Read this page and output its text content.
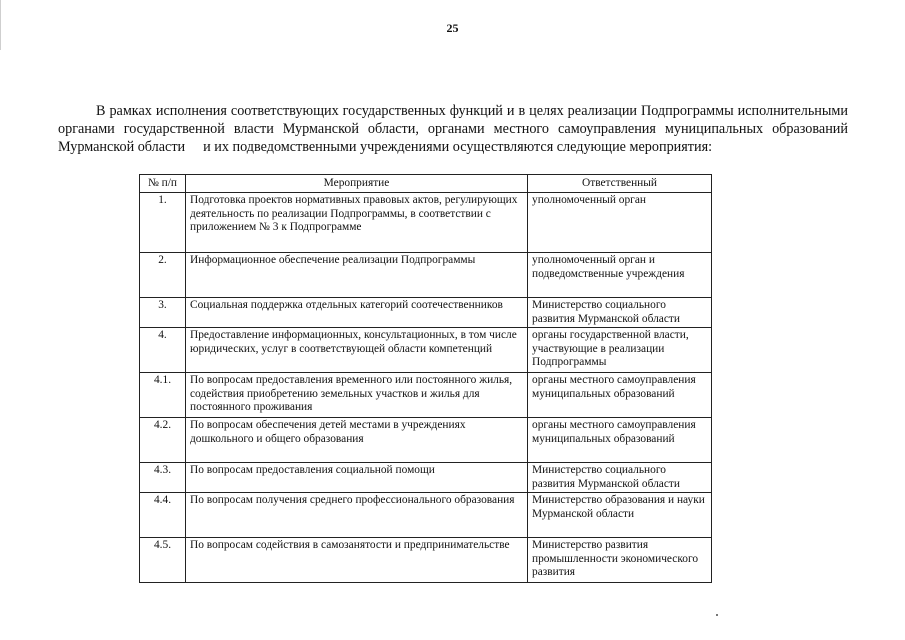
25

В рамках исполнения соответствующих государственных функций и в целях реализации Подпрограммы исполнительными органами государственной власти Мурманской области, органами местного самоуправления муниципальных образований Мурманской области и их подведомственными учреждениями осуществляются следующие мероприятия:

№ п/п	Мероприятие	Ответственный
1.	Подготовка проектов нормативных правовых актов, регулирующих деятельность по реализации Подпрограммы, в соответствии с приложением № 3 к Подпрограмме	уполномоченный орган
2.	Информационное обеспечение реализации Подпрограммы	уполномоченный орган и подведомственные учреждения
3.	Социальная поддержка отдельных категорий соотечественников	Министерство социального развития Мурманской области
4.	Предоставление информационных, консультационных, в том числе юридических, услуг в соответствующей области компетенций	органы государственной власти, участвующие в реализации Подпрограммы
4.1.	По вопросам предоставления временного или постоянного жилья, содействия приобретению земельных участков и жилья для постоянного проживания	органы местного самоуправления муниципальных образований
4.2.	По вопросам обеспечения детей местами в учреждениях дошкольного и общего образования	органы местного самоуправления муниципальных образований
4.3.	По вопросам предоставления социальной помощи	Министерство социального развития Мурманской области
4.4.	По вопросам получения среднего профессионального образования	Министерство образования и науки Мурманской области
4.5.	По вопросам содействия в самозанятости и предпринимательстве	Министерство развития промышленности экономического развития
